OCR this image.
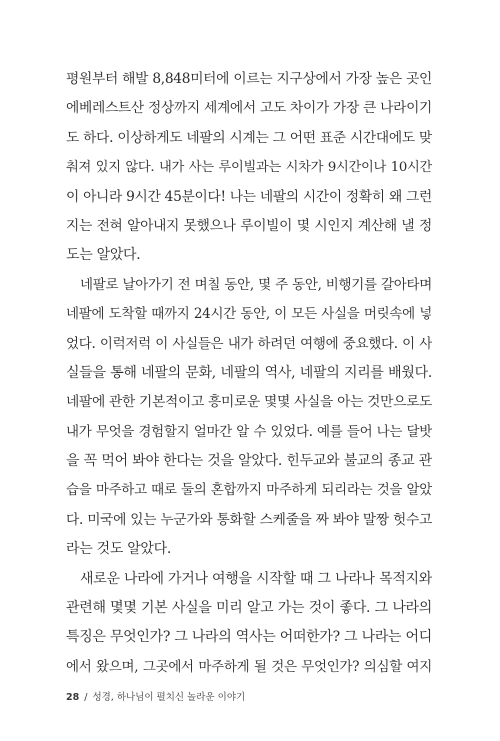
평원부터 해발 8,848미터에 이르는 지구상에서 가장 높은 곳인
에베레스트산 정상까지 세계에서 고도 차이가 가장 큰 나라이기
도 하다. 이상하게도 네팔의 시계는 그 어떤 표준 시간대에도 맞
춰져 있지 않다. 내가 사는 루이빌과는 시차가 9시간이나 10시간
이 아니라 9시간 45분이다! 나는 네팔의 시간이 정확히 왜 그런
지는 전혀 알아내지 못했으나 루이빌이 몇 시인지 계산해 낼 정
도는 알았다.
네팔로 날아가기 전 며칠 동안, 몇 주 동안, 비행기를 갈아타며
네팔에 도착할 때까지 24시간 동안, 이 모든 사실을 머릿속에 넣
었다. 이럭저럭 이 사실들은 내가 하려던 여행에 중요했다. 이 사
실들을 통해 네팔의 문화, 네팔의 역사, 네팔의 지리를 배웠다.
네팔에 관한 기본적이고 흥미로운 몇몇 사실을 아는 것만으로도
내가 무엇을 경험할지 얼마간 알 수 있었다. 예를 들어 나는 달밧
을 꼭 먹어 봐야 한다는 것을 알았다. 힌두교와 불교의 종교 관
습을 마주하고 때로 둘의 혼합까지 마주하게 되리라는 것을 알았
다. 미국에 있는 누군가와 통화할 스케줄을 짜 봐야 말짱 헛수고
라는 것도 알았다.
새로운 나라에 가거나 여행을 시작할 때 그 나라나 목적지와
관련해 몇몇 기본 사실을 미리 알고 가는 것이 좋다. 그 나라의
특징은 무엇인가? 그 나라의 역사는 어떠한가? 그 나라는 어디
에서 왔으며, 그곳에서 마주하게 될 것은 무엇인가? 의심할 여지
28 / 성경, 하나님이 펼치신 놀라운 이야기
